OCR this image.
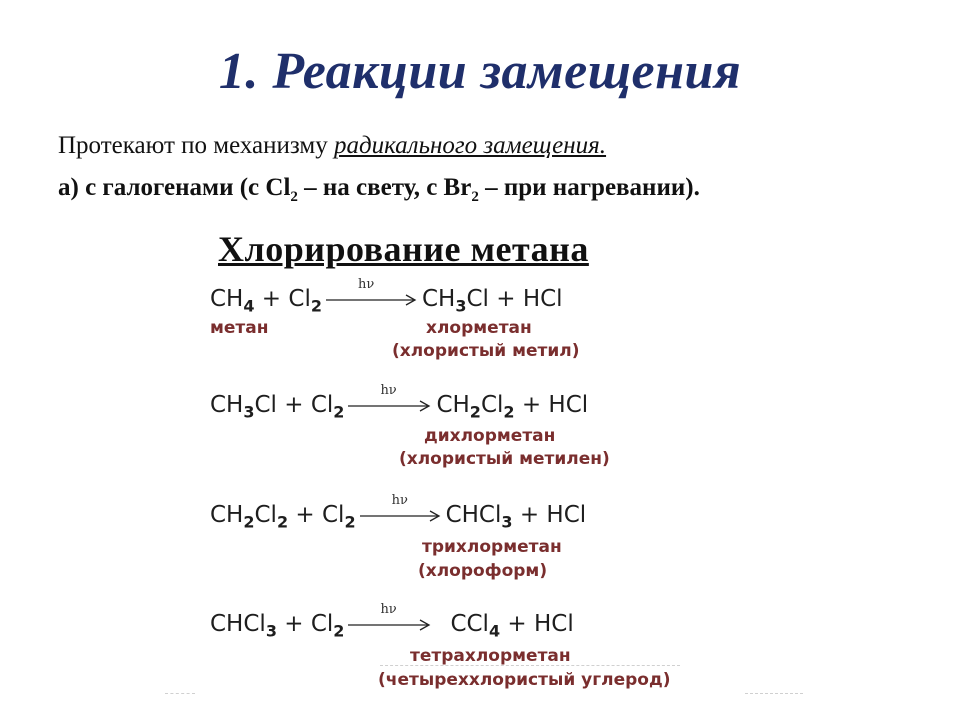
1. Реакции замещения
Протекают по механизму радикального замещения.
а) с галогенами (с $Cl_2$ – на свету, с $Br_2$ – при нагревании).
Хлорирование метана
$CH_4 + Cl_2$
hν
$CH_3Cl$ + HCl
метан	хлорметан
(хлористый метил)
$CH_3Cl + Cl_2$
hν
$CH_2Cl_2$ + HCl
дихлорметан
(хлористый метилен)
$CH_2Cl_2 + Cl_2$
hν
CHCl$_3$ + HCl
трихлорметан
(хлороформ)
CHCl$_3$ + $Cl_2$
hν
CCl$_4$ + HCl
тетрахлорметан
(четыреххлористый углерод)
